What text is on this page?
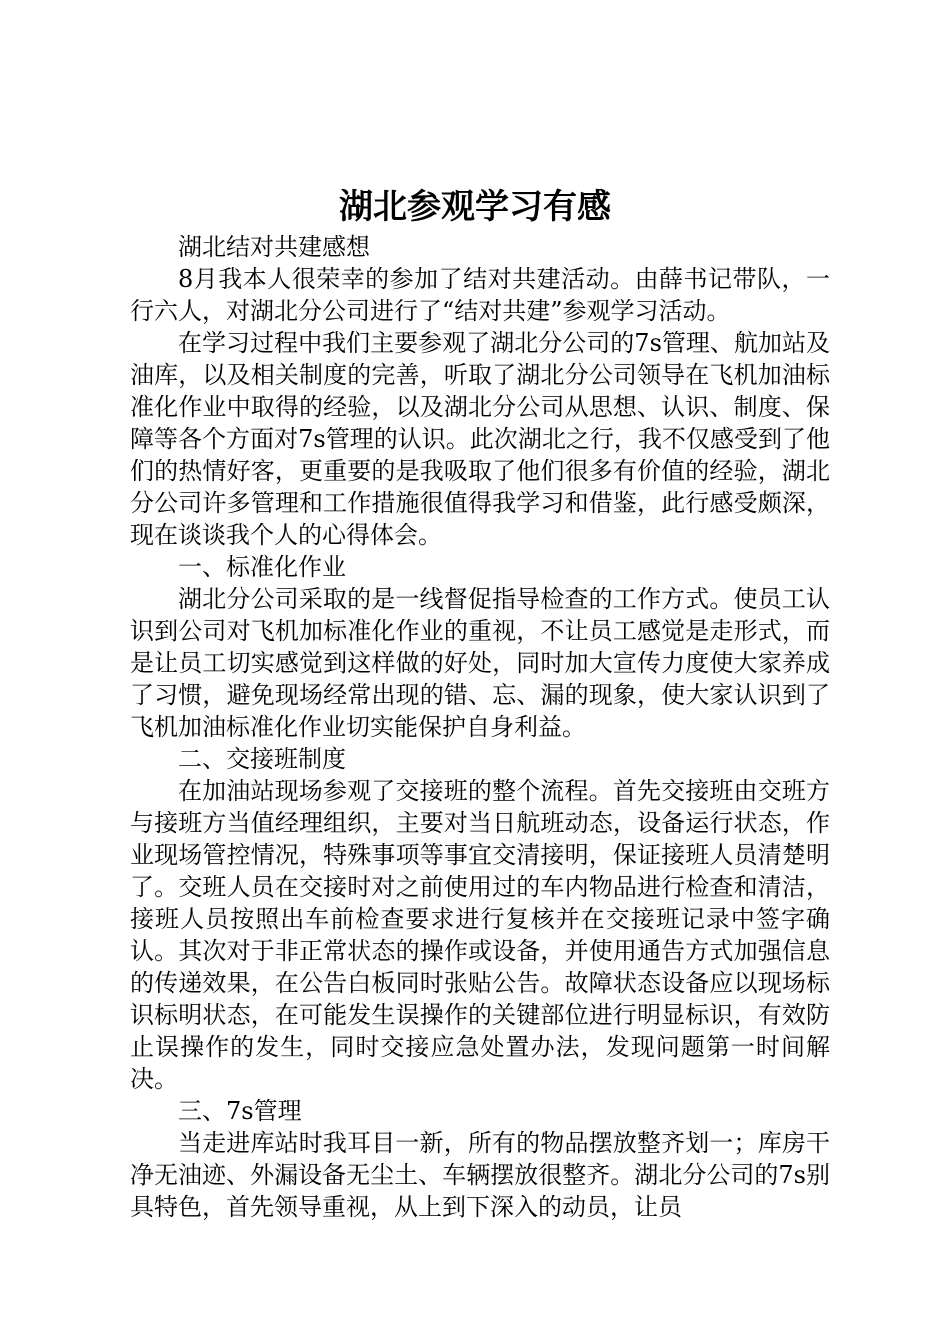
湖北参观学习有感

湖北结对共建感想

8月我本人很荣幸的参加了结对共建活动。由薛书记带队，一行六人，对湖北分公司进行了“结对共建”参观学习活动。

在学习过程中我们主要参观了湖北分公司的7s管理、航加站及油库，以及相关制度的完善，听取了湖北分公司领导在飞机加油标准化作业中取得的经验，以及湖北分公司从思想、认识、制度、保障等各个方面对7s管理的认识。此次湖北之行，我不仅感受到了他们的热情好客，更重要的是我吸取了他们很多有价值的经验，湖北分公司许多管理和工作措施很值得我学习和借鉴，此行感受颇深，现在谈谈我个人的心得体会。

一、标准化作业

湖北分公司采取的是一线督促指导检查的工作方式。使员工认识到公司对飞机加标准化作业的重视，不让员工感觉是走形式，而是让员工切实感觉到这样做的好处，同时加大宣传力度使大家养成了习惯，避免现场经常出现的错、忘、漏的现象，使大家认识到了飞机加油标准化作业切实能保护自身利益。

二、交接班制度

在加油站现场参观了交接班的整个流程。首先交接班由交班方与接班方当值经理组织，主要对当日航班动态，设备运行状态，作业现场管控情况，特殊事项等事宜交清接明，保证接班人员清楚明了。交班人员在交接时对之前使用过的车内物品进行检查和清洁，接班人员按照出车前检查要求进行复核并在交接班记录中签字确认。其次对于非正常状态的操作或设备，并使用通告方式加强信息的传递效果，在公告白板同时张贴公告。故障状态设备应以现场标识标明状态，在可能发生误操作的关键部位进行明显标识，有效防止误操作的发生，同时交接应急处置办法，发现问题第一时间解决。

三、7s管理

当走进库站时我耳目一新，所有的物品摆放整齐划一；库房干净无油迹、外漏设备无尘土、车辆摆放很整齐。湖北分公司的7s别具特色，首先领导重视，从上到下深入的动员，让员
